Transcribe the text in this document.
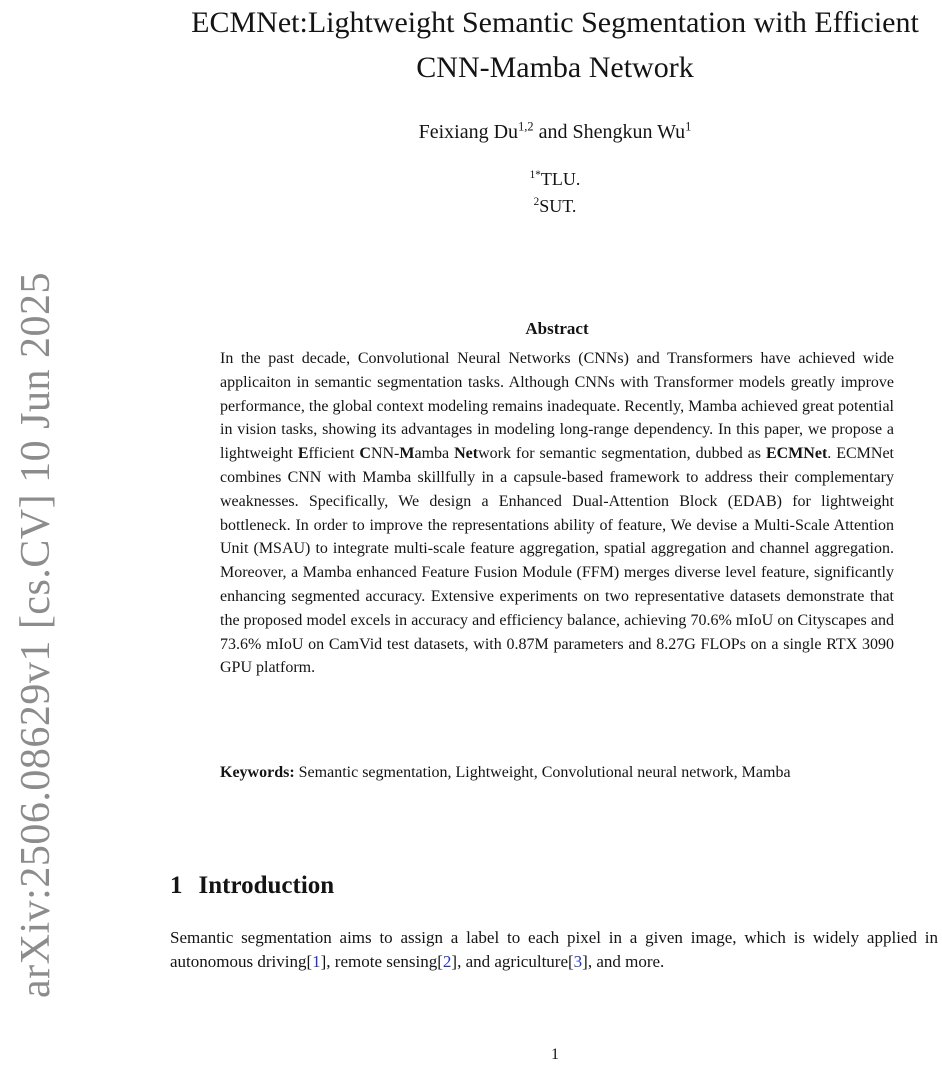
arXiv:2506.08629v1 [cs.CV] 10 Jun 2025
ECMNet:Lightweight Semantic Segmentation with Efficient CNN-Mamba Network
Feixiang Du$^{1,2}$ and Shengkun Wu$^1$
$^{1*}$TLU.
$^2$SUT.
Abstract
In the past decade, Convolutional Neural Networks (CNNs) and Transformers have achieved wide applicaiton in semantic segmentation tasks. Although CNNs with Transformer models greatly improve performance, the global context modeling remains inadequate. Recently, Mamba achieved great potential in vision tasks, showing its advantages in modeling long-range dependency. In this paper, we propose a lightweight Efficient CNN-Mamba Network for semantic segmentation, dubbed as ECMNet. ECMNet combines CNN with Mamba skillfully in a capsule-based framework to address their complementary weaknesses. Specifically, We design a Enhanced Dual-Attention Block (EDAB) for lightweight bottleneck. In order to improve the representations ability of feature, We devise a Multi-Scale Attention Unit (MSAU) to integrate multi-scale feature aggregation, spatial aggregation and channel aggregation. Moreover, a Mamba enhanced Feature Fusion Module (FFM) merges diverse level feature, significantly enhancing segmented accuracy. Extensive experiments on two representative datasets demonstrate that the proposed model excels in accuracy and efficiency balance, achieving 70.6% mIoU on Cityscapes and 73.6% mIoU on CamVid test datasets, with 0.87M parameters and 8.27G FLOPs on a single RTX 3090 GPU platform.
Keywords: Semantic segmentation, Lightweight, Convolutional neural network, Mamba
1 Introduction
Semantic segmentation aims to assign a label to each pixel in a given image, which is widely applied in autonomous driving[1], remote sensing[2], and agriculture[3], and more.
1
